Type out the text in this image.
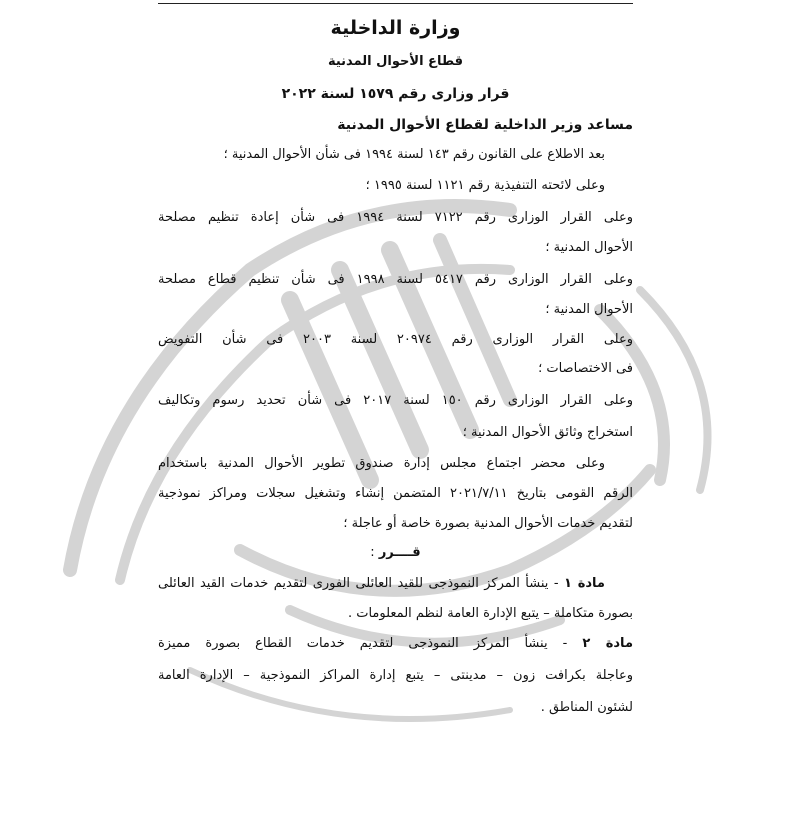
وزارة الداخلية
قطاع الأحوال المدنية
قرار وزارى رقم ١٥٧٩ لسنة ٢٠٢٢
مساعد وزير الداخلية لقطاع الأحوال المدنية
بعد الاطلاع على القانون رقم ١٤٣ لسنة ١٩٩٤ فى شأن الأحوال المدنية ؛
وعلى لائحته التنفيذية رقم ١١٢١ لسنة ١٩٩٥ ؛
وعلى القرار الوزارى رقم ٧١٢٢ لسنة ١٩٩٤ فى شأن إعادة تنظيم مصلحة
الأحوال المدنية ؛
وعلى القرار الوزارى رقم ٥٤١٧ لسنة ١٩٩٨ فى شأن تنظيم قطاع مصلحة
الأحوال المدنية ؛
وعلى القرار الوزارى رقم ٢٠٩٧٤ لسنة ٢٠٠٣ فى شأن التفويض
فى الاختصاصات ؛
وعلى القرار الوزارى رقم ١٥٠ لسنة ٢٠١٧ فى شأن تحديد رسوم وتكاليف
استخراج وثائق الأحوال المدنية ؛
وعلى محضر اجتماع مجلس إدارة صندوق تطوير الأحوال المدنية باستخدام
الرقم القومى بتاريخ ٢٠٢١/٧/١١ المتضمن إنشاء وتشغيل سجلات ومراكز نموذجية
لتقديم خدمات الأحوال المدنية بصورة خاصة أو عاجلة ؛
قــــرر :
مادة ١ - ينشأ المركز النموذجى للقيد العائلى الفورى لتقديم خدمات القيد العائلى
بصورة متكاملة – يتبع الإدارة العامة لنظم المعلومات .
مادة ٢ - ينشأ المركز النموذجى لتقديم خدمات القطاع بصورة مميزة
وعاجلة بكرافت زون – مدينتى – يتبع إدارة المراكز النموذجية – الإدارة العامة
لشئون المناطق .
